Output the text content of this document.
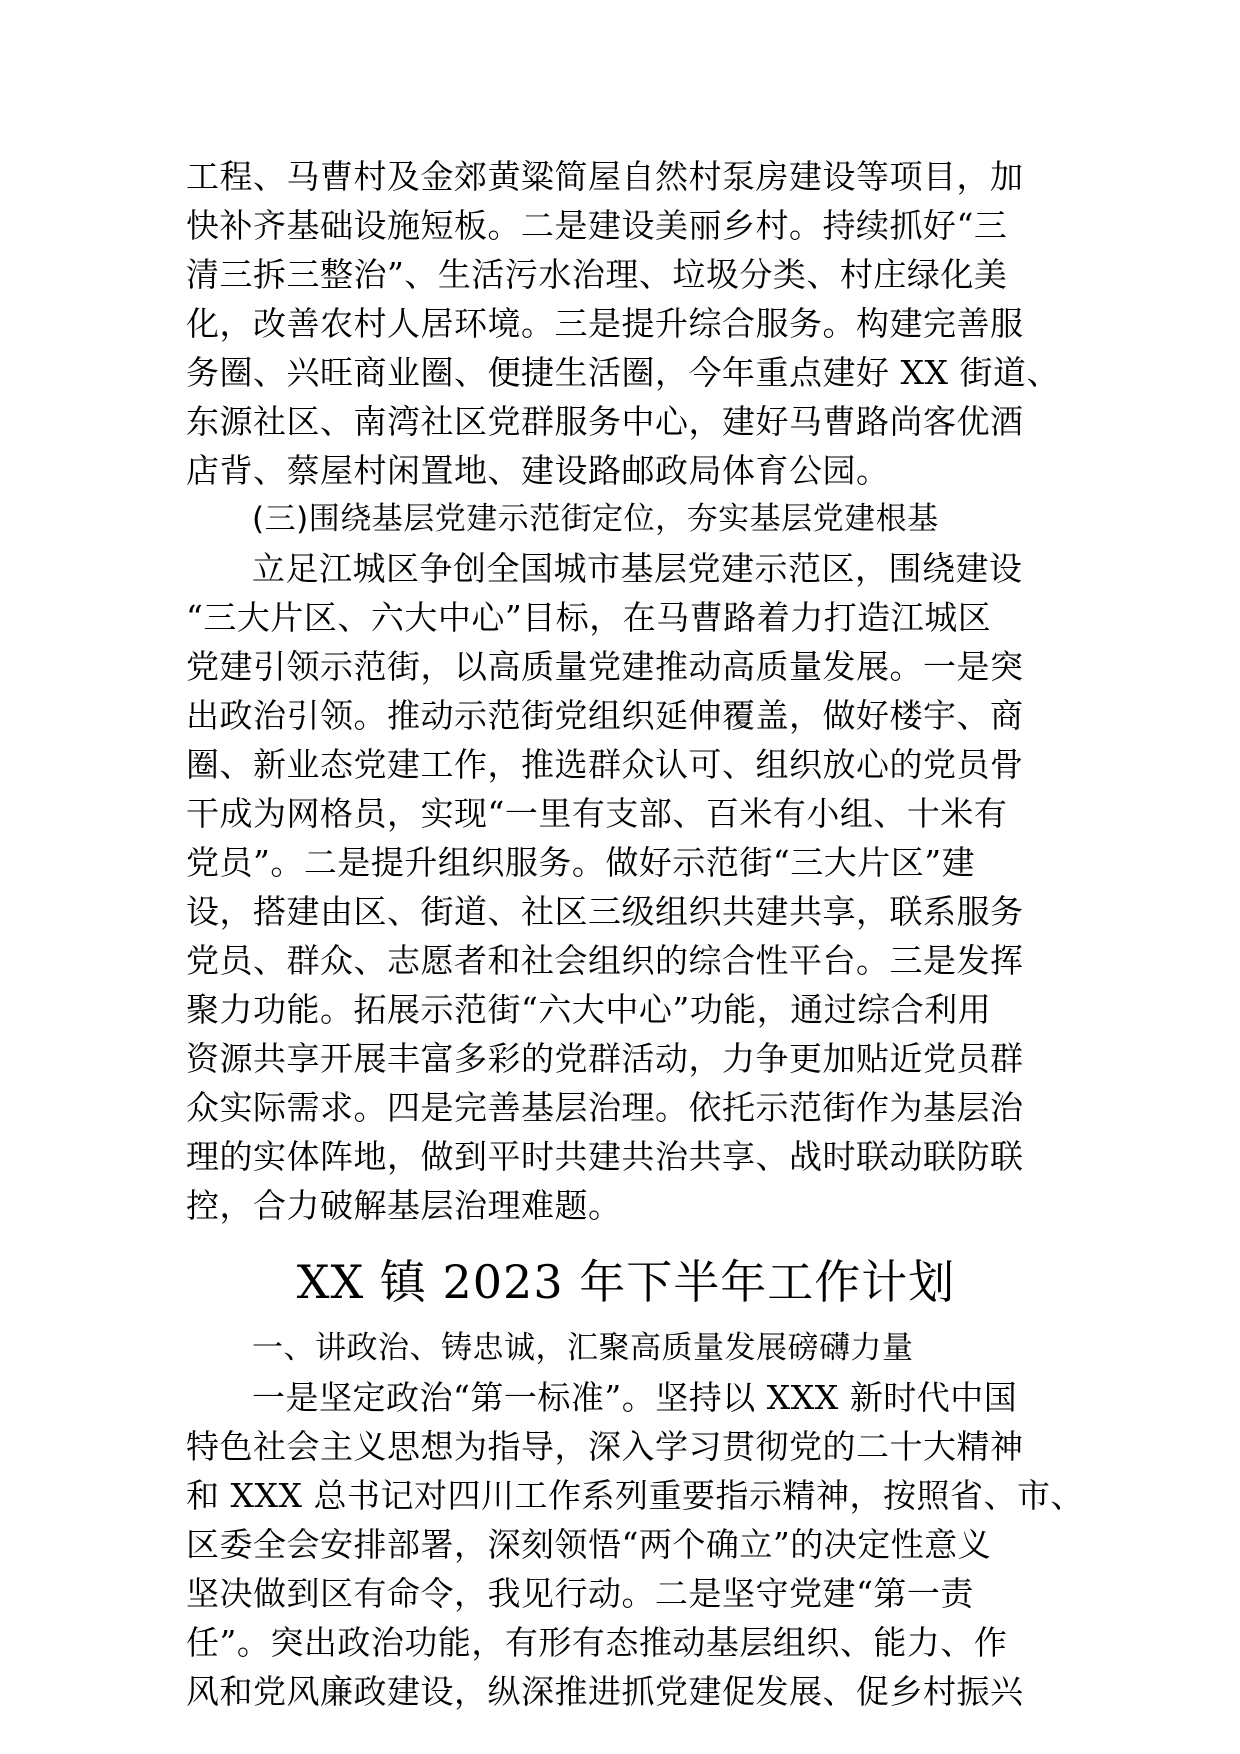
工程、马曹村及金郊黄粱简屋自然村泵房建设等项目，加
快补齐基础设施短板。二是建设美丽乡村。持续抓好“三
清三拆三整治”、生活污水治理、垃圾分类、村庄绿化美
化，改善农村人居环境。三是提升综合服务。构建完善服
务圈、兴旺商业圈、便捷生活圈，今年重点建好 XX 街道、
东源社区、南湾社区党群服务中心，建好马曹路尚客优酒
店背、蔡屋村闲置地、建设路邮政局体育公园。
(三)围绕基层党建示范街定位，夯实基层党建根基
立足江城区争创全国城市基层党建示范区，围绕建设
“三大片区、六大中心”目标，在马曹路着力打造江城区
党建引领示范街，以高质量党建推动高质量发展。一是突
出政治引领。推动示范街党组织延伸覆盖，做好楼宇、商
圈、新业态党建工作，推选群众认可、组织放心的党员骨
干成为网格员，实现“一里有支部、百米有小组、十米有
党员”。二是提升组织服务。做好示范街“三大片区”建
设，搭建由区、街道、社区三级组织共建共享，联系服务
党员、群众、志愿者和社会组织的综合性平台。三是发挥
聚力功能。拓展示范街“六大中心”功能，通过综合利用
资源共享开展丰富多彩的党群活动，力争更加贴近党员群
众实际需求。四是完善基层治理。依托示范街作为基层治
理的实体阵地，做到平时共建共治共享、战时联动联防联
控，合力破解基层治理难题。
XX 镇 2023 年下半年工作计划
一、讲政治、铸忠诚，汇聚高质量发展磅礴力量
一是坚定政治“第一标准”。坚持以 XXX 新时代中国
特色社会主义思想为指导，深入学习贯彻党的二十大精神
和 XXX 总书记对四川工作系列重要指示精神，按照省、市、
区委全会安排部署，深刻领悟“两个确立”的决定性意义
坚决做到区有命令，我见行动。二是坚守党建“第一责
任”。突出政治功能，有形有态推动基层组织、能力、作
风和党风廉政建设，纵深推进抓党建促发展、促乡村振兴
